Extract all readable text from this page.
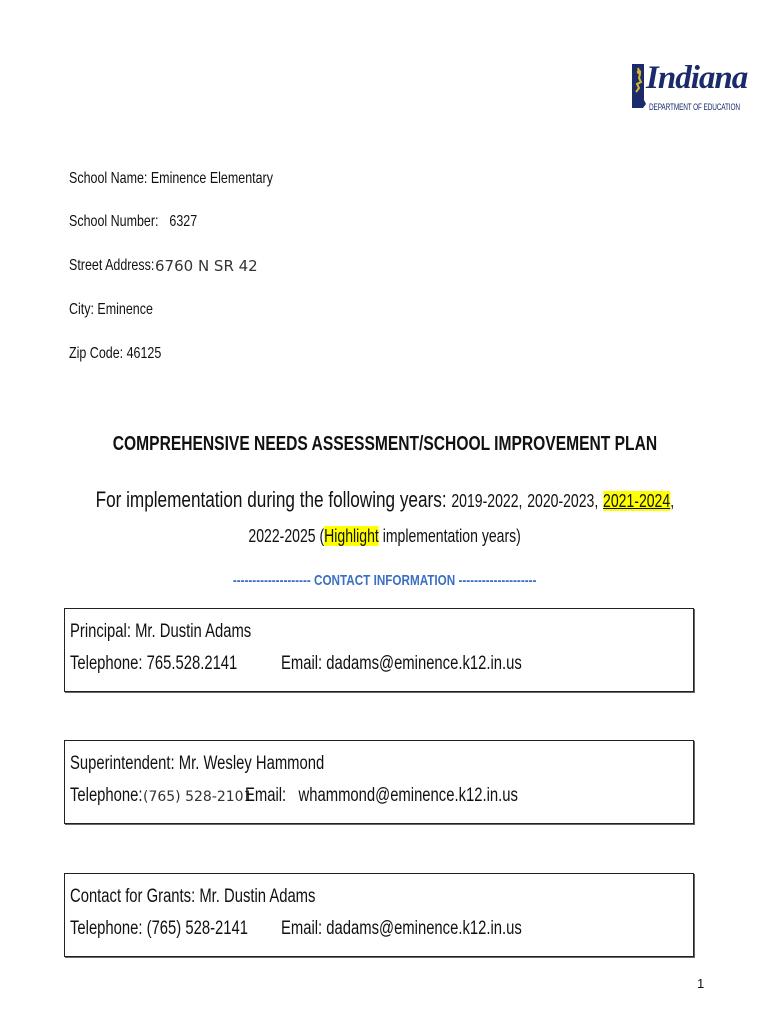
Indiana
DEPARTMENT OF EDUCATION
School Name: Eminence Elementary
School Number: 6327
Street Address: 6760 N SR 42
City: Eminence
Zip Code: 46125
COMPREHENSIVE NEEDS ASSESSMENT/SCHOOL IMPROVEMENT PLAN
For implementation during the following years: 2019-2022, 2020-2023, 2021-2024,
2022-2025 (Highlight implementation years)
-------------------- CONTACT INFORMATION --------------------
Principal: Mr. Dustin Adams
Telephone: 765.528.2141	Email: dadams@eminence.k12.in.us
Superintendent: Mr. Wesley Hammond
Telephone: (765) 528-2101
Email: whammond@eminence.k12.in.us
Contact for Grants: Mr. Dustin Adams
Telephone: (765) 528-2141	Email: dadams@eminence.k12.in.us
1
